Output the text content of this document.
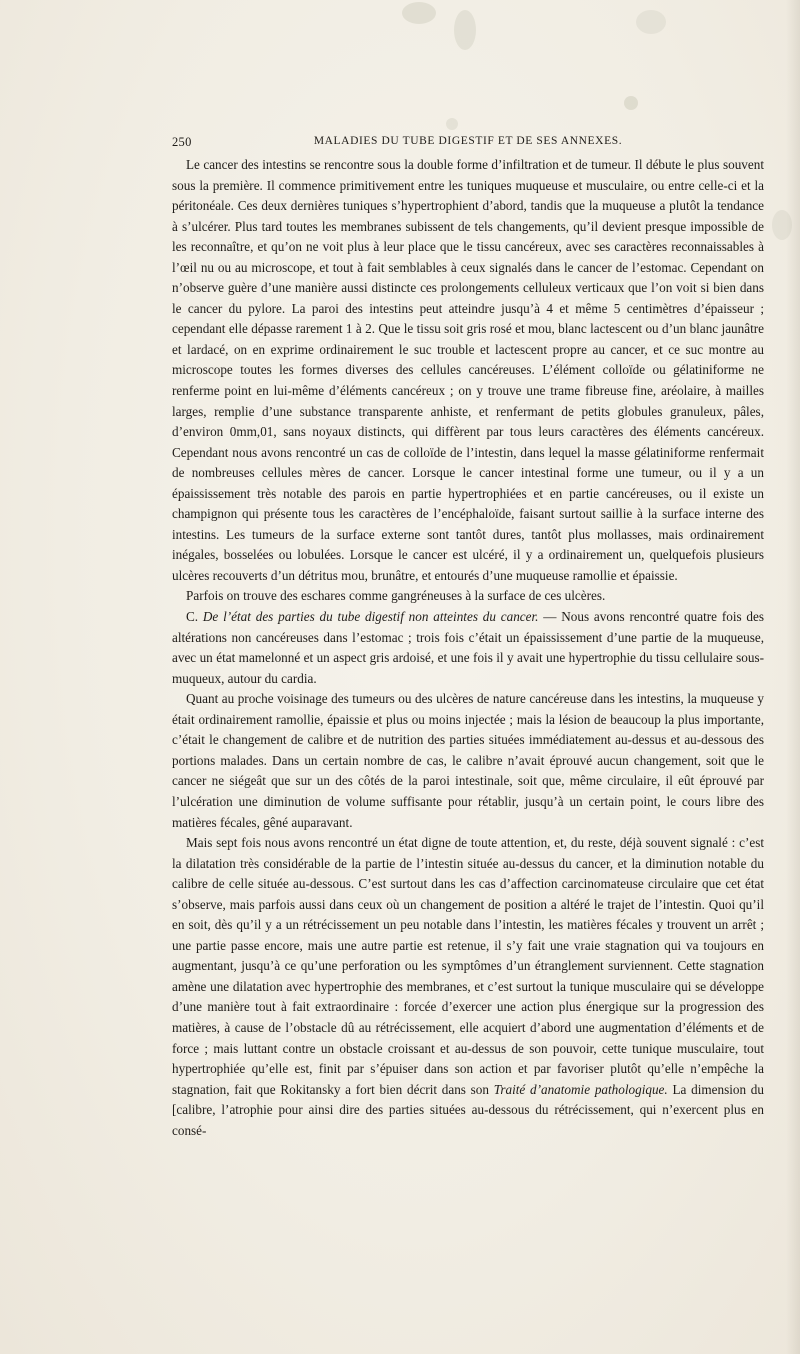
250	MALADIES DU TUBE DIGESTIF ET DE SES ANNEXES.

Le cancer des intestins se rencontre sous la double forme d’infiltration et de tumeur. Il débute le plus souvent sous la première. Il commence primitivement entre les tuniques muqueuse et musculaire, ou entre celle-ci et la péritonéale. Ces deux dernières tuniques s’hypertrophient d’abord, tandis que la muqueuse a plutôt la tendance à s’ulcérer. Plus tard toutes les membranes subissent de tels changements, qu’il devient presque impossible de les reconnaître, et qu’on ne voit plus à leur place que le tissu cancéreux, avec ses caractères reconnaissables à l’œil nu ou au microscope, et tout à fait semblables à ceux signalés dans le cancer de l’estomac. Cependant on n’observe guère d’une manière aussi distincte ces prolongements celluleux verticaux que l’on voit si bien dans le cancer du pylore. La paroi des intestins peut atteindre jusqu’à 4 et même 5 centimètres d’épaisseur ; cependant elle dépasse rarement 1 à 2. Que le tissu soit gris rosé et mou, blanc lactescent ou d’un blanc jaunâtre et lardacé, on en exprime ordinairement le suc trouble et lactescent propre au cancer, et ce suc montre au microscope toutes les formes diverses des cellules cancéreuses. L’élément colloïde ou gélatiniforme ne renferme point en lui-même d’éléments cancéreux ; on y trouve une trame fibreuse fine, aréolaire, à mailles larges, remplie d’une substance transparente anhiste, et renfermant de petits globules granuleux, pâles, d’environ 0mm,01, sans noyaux distincts, qui diffèrent par tous leurs caractères des éléments cancéreux. Cependant nous avons rencontré un cas de colloïde de l’intestin, dans lequel la masse gélatiniforme renfermait de nombreuses cellules mères de cancer. Lorsque le cancer intestinal forme une tumeur, ou il y a un épaississement très notable des parois en partie hypertrophiées et en partie cancéreuses, ou il existe un champignon qui présente tous les caractères de l’encéphaloïde, faisant surtout saillie à la surface interne des intestins. Les tumeurs de la surface externe sont tantôt dures, tantôt plus mollasses, mais ordinairement inégales, bosselées ou lobulées. Lorsque le cancer est ulcéré, il y a ordinairement un, quelquefois plusieurs ulcères recouverts d’un détritus mou, brunâtre, et entourés d’une muqueuse ramollie et épaissie.

Parfois on trouve des eschares comme gangréneuses à la surface de ces ulcères.

C. De l’état des parties du tube digestif non atteintes du cancer. — Nous avons rencontré quatre fois des altérations non cancéreuses dans l’estomac ; trois fois c’était un épaississement d’une partie de la muqueuse, avec un état mamelonné et un aspect gris ardoisé, et une fois il y avait une hypertrophie du tissu cellulaire sous-muqueux, autour du cardia.

Quant au proche voisinage des tumeurs ou des ulcères de nature cancéreuse dans les intestins, la muqueuse y était ordinairement ramollie, épaissie et plus ou moins injectée ; mais la lésion de beaucoup la plus importante, c’était le changement de calibre et de nutrition des parties situées immédiatement au-dessus et au-dessous des portions malades. Dans un certain nombre de cas, le calibre n’avait éprouvé aucun changement, soit que le cancer ne siégeât que sur un des côtés de la paroi intestinale, soit que, même circulaire, il eût éprouvé par l’ulcération une diminution de volume suffisante pour rétablir, jusqu’à un certain point, le cours libre des matières fécales, gêné auparavant.

Mais sept fois nous avons rencontré un état digne de toute attention, et, du reste, déjà souvent signalé : c’est la dilatation très considérable de la partie de l’intestin située au-dessus du cancer, et la diminution notable du calibre de celle située au-dessous. C’est surtout dans les cas d’affection carcinomateuse circulaire que cet état s’observe, mais parfois aussi dans ceux où un changement de position a altéré le trajet de l’intestin. Quoi qu’il en soit, dès qu’il y a un rétrécissement un peu notable dans l’intestin, les matières fécales y trouvent un arrêt ; une partie passe encore, mais une autre partie est retenue, il s’y fait une vraie stagnation qui va toujours en augmentant, jusqu’à ce qu’une perforation ou les symptômes d’un étranglement surviennent. Cette stagnation amène une dilatation avec hypertrophie des membranes, et c’est surtout la tunique musculaire qui se développe d’une manière tout à fait extraordinaire : forcée d’exercer une action plus énergique sur la progression des matières, à cause de l’obstacle dû au rétrécissement, elle acquiert d’abord une augmentation d’éléments et de force ; mais luttant contre un obstacle croissant et au-dessus de son pouvoir, cette tunique musculaire, tout hypertrophiée qu’elle est, finit par s’épuiser dans son action et par favoriser plutôt qu’elle n’empêche la stagnation, fait que Rokitansky a fort bien décrit dans son Traité d’anatomie pathologique. La dimension du [calibre, l’atrophie pour ainsi dire des parties situées au-dessous du rétrécissement, qui n’exercent plus en consé-
